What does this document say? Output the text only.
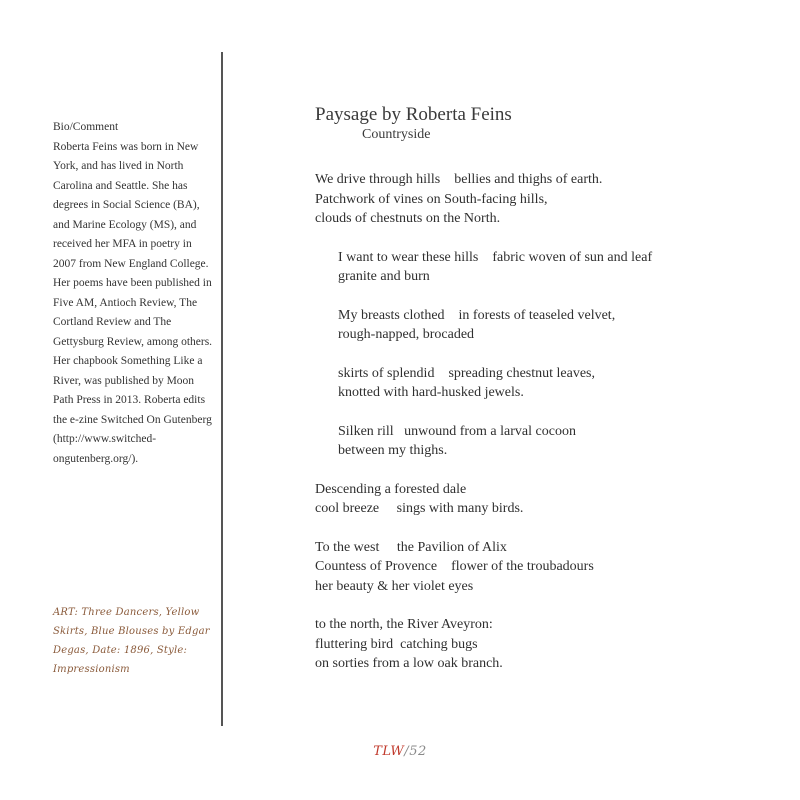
Bio/Comment
Roberta Feins was born in New York, and has lived in North Carolina and Seattle. She has degrees in Social Science (BA), and Marine Ecology (MS), and received her MFA in poetry in 2007 from New England College. Her poems have been published in Five AM, Antioch Review, The Cortland Review and The Gettysburg Review, among others. Her chapbook Something Like a River, was published by Moon Path Press in 2013. Roberta edits the e-zine Switched On Gutenberg (http://www.switched-ongutenberg.org/).
ART: Three Dancers, Yellow Skirts, Blue Blouses by Edgar Degas, Date: 1896, Style: Impressionism
Paysage by Roberta Feins
Countryside
We drive through hills    bellies and thighs of earth.
Patchwork of vines on South-facing hills,
clouds of chestnuts on the North.
I want to wear these hills    fabric woven of sun and leaf
granite and burn
My breasts clothed    in forests of teaseled velvet,
rough-napped, brocaded
skirts of splendid    spreading chestnut leaves,
knotted with hard-husked jewels.
Silken rill   unwound from a larval cocoon
between my thighs.
Descending a forested dale
cool breeze     sings with many birds.
To the west     the Pavilion of Alix
Countess of Provence    flower of the troubadours
her beauty & her violet eyes
to the north, the River Aveyron:
fluttering bird  catching bugs
on sorties from a low oak branch.
TLW/52
